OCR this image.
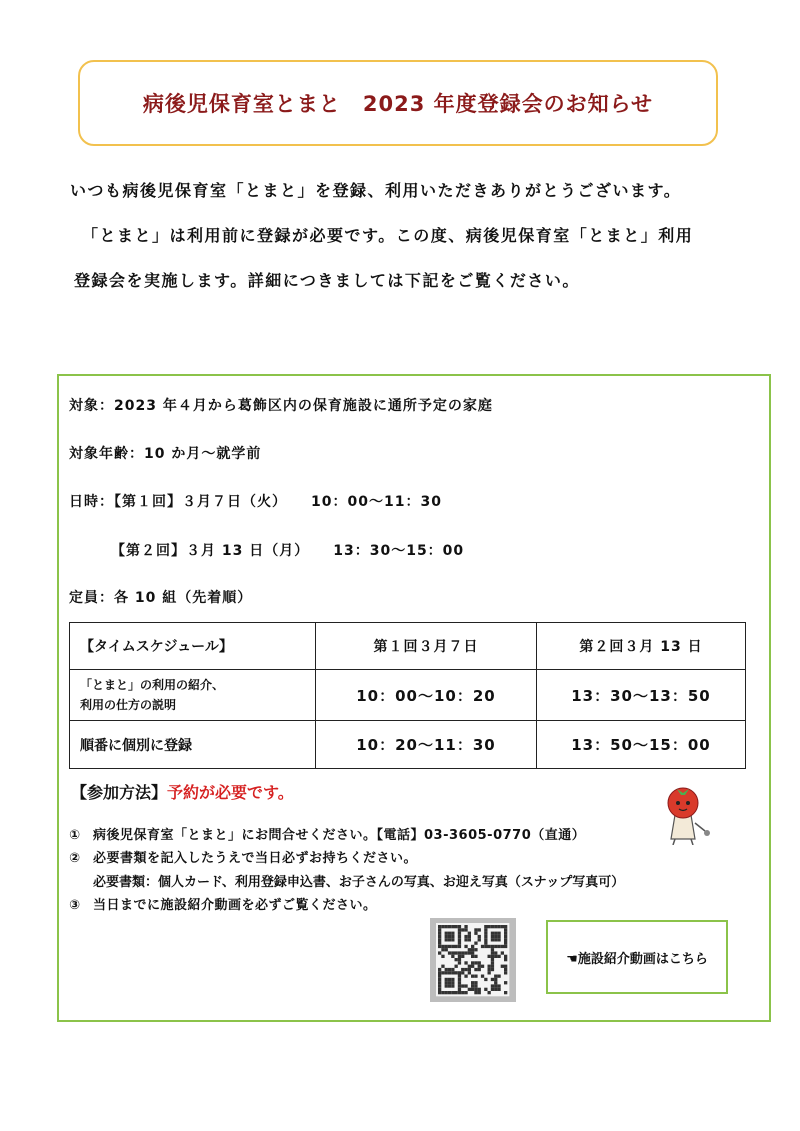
病後児保育室とまと　2023 年度登録会のお知らせ

いつも病後児保育室「とまと」を登録、利用いただきありがとうございます。

「とまと」は利用前に登録が必要です。この度、病後児保育室「とまと」利用

登録会を実施します。詳細につきましては下記をご覧ください。

対象：2023 年４月から葛飾区内の保育施設に通所予定の家庭
対象年齢：10 か月～就学前
日時：【第１回】３月７日（火） 10：00～11：30
【第２回】３月 13 日（月） 13：30～15：00
定員：各 10 組（先着順）
【タイムスケジュール】	第１回３月７日	第２回３月 13 日

「とまと」の利用の紹介、
利用の仕方の説明	10：00～10：20	13：30～13：50
順番に個別に登録	10：20～11：30	13：50～15：00
【参加方法】予約が必要です。
① 病後児保育室「とまと」にお問合せください。【電話】03-3605-0770（直通）
② 必要書類を記入したうえで当日必ずお持ちください。
必要書類：個人カード、利用登録申込書、お子さんの写真、お迎え写真（スナップ写真可）
③ 当日までに施設紹介動画を必ずご覧ください。
☚施設紹介動画はこちら
